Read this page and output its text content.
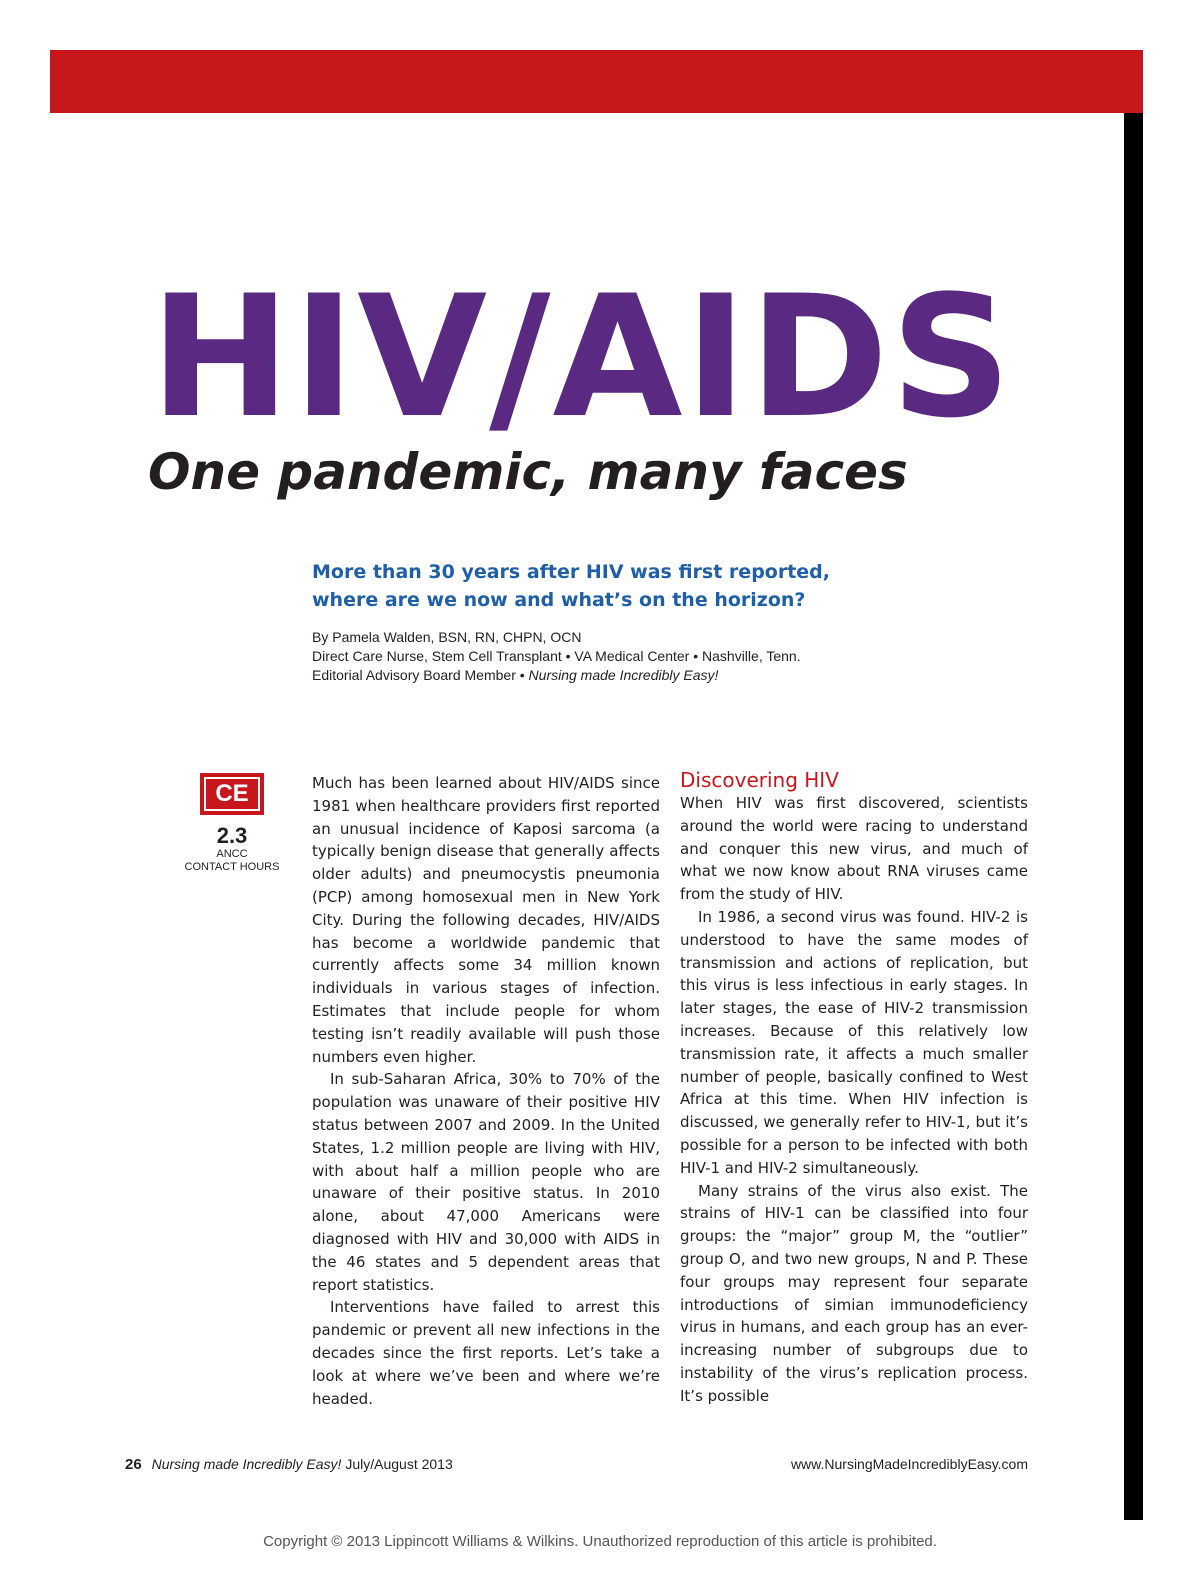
HIV/AIDS
One pandemic, many faces
More than 30 years after HIV was first reported,
where are we now and what’s on the horizon?
By Pamela Walden, BSN, RN, CHPN, OCN
Direct Care Nurse, Stem Cell Transplant • VA Medical Center • Nashville, Tenn.
Editorial Advisory Board Member • Nursing made Incredibly Easy!
CE
2.3
ANCC
CONTACT HOURS

Much has been learned about HIV/AIDS since 1981 when healthcare providers first reported an unusual incidence of Kaposi sarcoma (a typically benign disease that generally affects older adults) and pneumocystis pneumonia (PCP) among homosexual men in New York City. During the following decades, HIV/AIDS has become a worldwide pandemic that currently affects some 34 million known individuals in various stages of infection. Estimates that include people for whom testing isn’t readily available will push those numbers even higher.

In sub-Saharan Africa, 30% to 70% of the population was unaware of their positive HIV status between 2007 and 2009. In the United States, 1.2 million people are living with HIV, with about half a million people who are unaware of their positive status. In 2010 alone, about 47,000 Americans were diagnosed with HIV and 30,000 with AIDS in the 46 states and 5 dependent areas that report statistics.

Interventions have failed to arrest this pandemic or prevent all new infections in the decades since the first reports. Let’s take a look at where we’ve been and where we’re headed.

Discovering HIV

When HIV was first discovered, scientists around the world were racing to understand and conquer this new virus, and much of what we now know about RNA viruses came from the study of HIV.

In 1986, a second virus was found. HIV-2 is understood to have the same modes of transmission and actions of replication, but this virus is less infectious in early stages. In later stages, the ease of HIV-2 transmission increases. Because of this relatively low transmission rate, it affects a much smaller number of people, basically confined to West Africa at this time. When HIV infection is discussed, we generally refer to HIV-1, but it’s possible for a person to be infected with both HIV-1 and HIV-2 simultaneously.

Many strains of the virus also exist. The strains of HIV-1 can be classified into four groups: the “major” group M, the “outlier” group O, and two new groups, N and P. These four groups may represent four separate introductions of simian immunodeficiency virus in humans, and each group has an ever-increasing number of subgroups due to instability of the virus’s replication process. It’s possible

26 Nursing made Incredibly Easy! July/August 2013	www.NursingMadeIncrediblyEasy.com
Copyright © 2013 Lippincott Williams & Wilkins. Unauthorized reproduction of this article is prohibited.
